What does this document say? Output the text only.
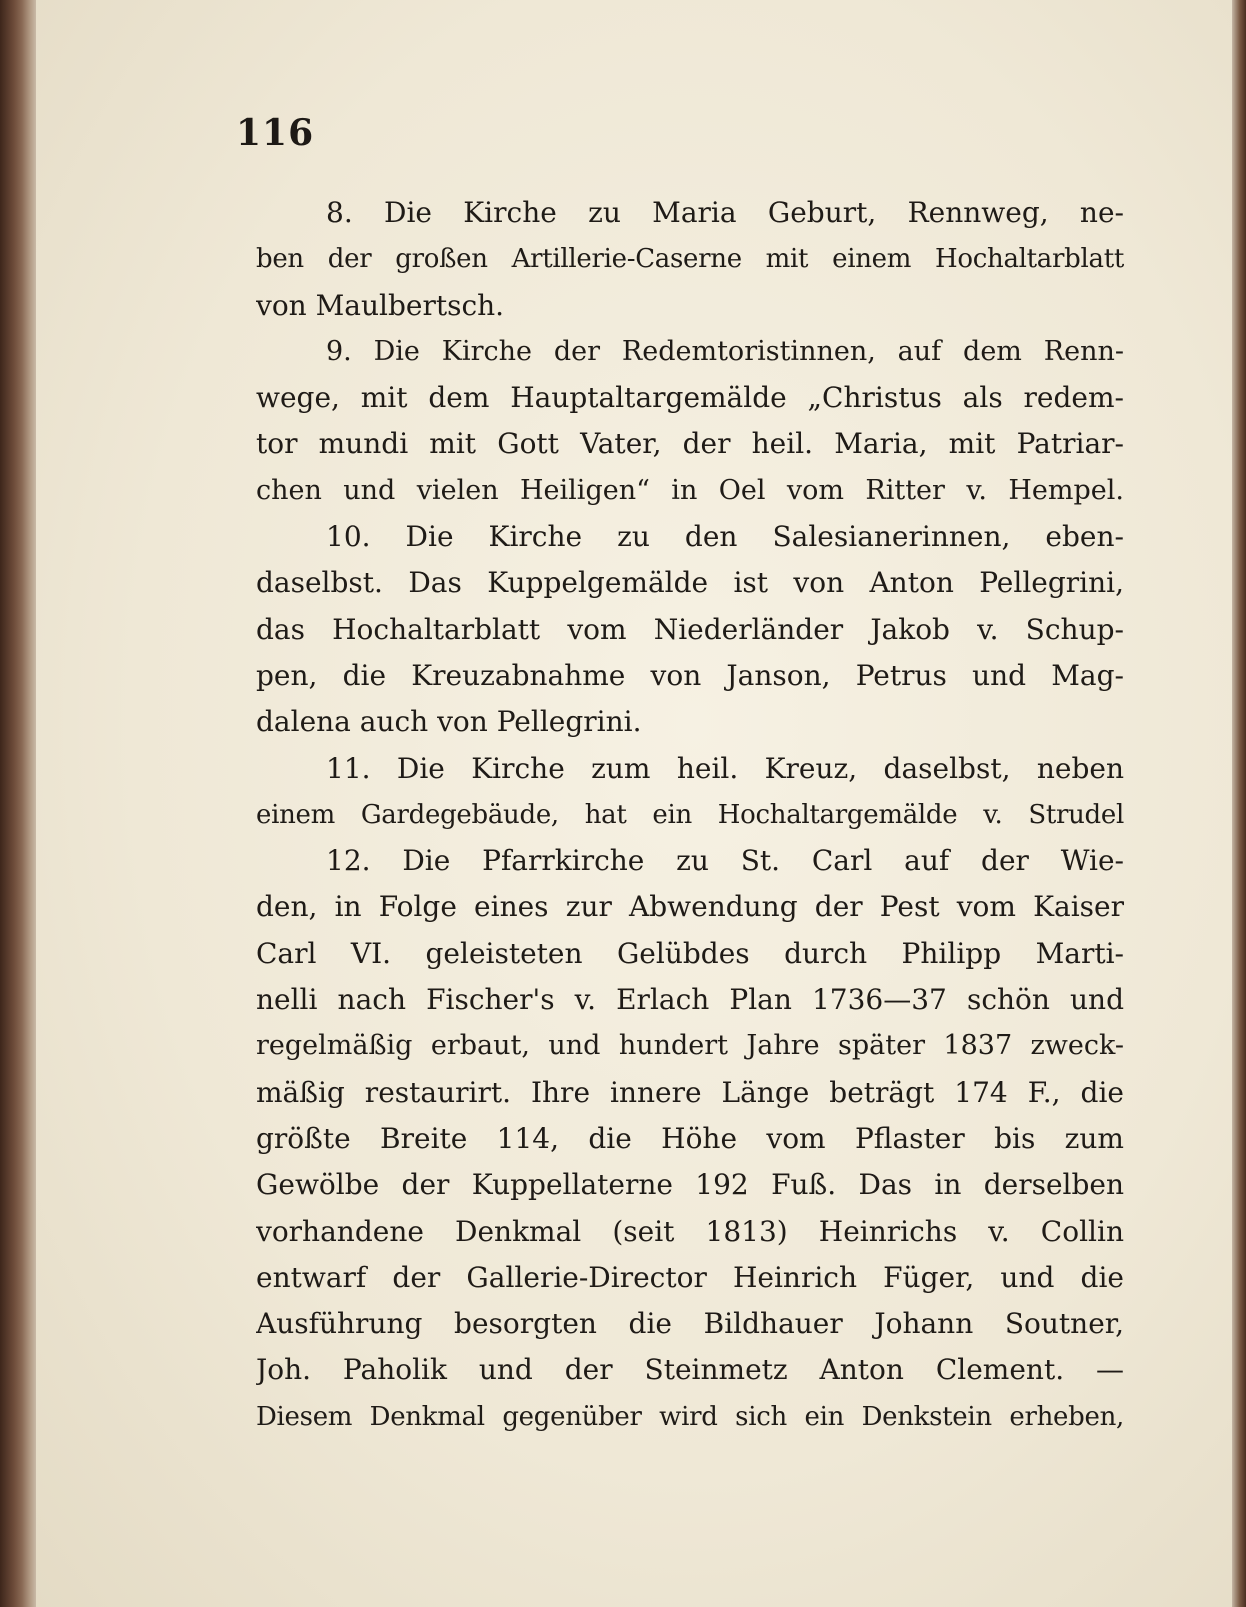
116
8. Die Kirche zu Maria Geburt, Rennweg, ne-
ben der großen Artillerie-Caserne mit einem Hochaltarblatt
von Maulbertsch.
9. Die Kirche der Redemtoristinnen, auf dem Renn-
wege, mit dem Hauptaltargemälde „Christus als redem-
tor mundi mit Gott Vater, der heil. Maria, mit Patriar-
chen und vielen Heiligen“ in Oel vom Ritter v. Hempel.
10. Die Kirche zu den Salesianerinnen, eben-
daselbst. Das Kuppelgemälde ist von Anton Pellegrini,
das Hochaltarblatt vom Niederländer Jakob v. Schup-
pen, die Kreuzabnahme von Janson, Petrus und Mag-
dalena auch von Pellegrini.
11. Die Kirche zum heil. Kreuz, daselbst, neben
einem Gardegebäude, hat ein Hochaltargemälde v. Strudel
12. Die Pfarrkirche zu St. Carl auf der Wie-
den, in Folge eines zur Abwendung der Pest vom Kaiser
Carl VI. geleisteten Gelübdes durch Philipp Marti-
nelli nach Fischer's v. Erlach Plan 1736—37 schön und
regelmäßig erbaut, und hundert Jahre später 1837 zweck-
mäßig restaurirt. Ihre innere Länge beträgt 174 F., die
größte Breite 114, die Höhe vom Pflaster bis zum
Gewölbe der Kuppellaterne 192 Fuß. Das in derselben
vorhandene Denkmal (seit 1813) Heinrichs v. Collin
entwarf der Gallerie-Director Heinrich Füger, und die
Ausführung besorgten die Bildhauer Johann Soutner,
Joh. Paholik und der Steinmetz Anton Clement. —
Diesem Denkmal gegenüber wird sich ein Denkstein erheben,
